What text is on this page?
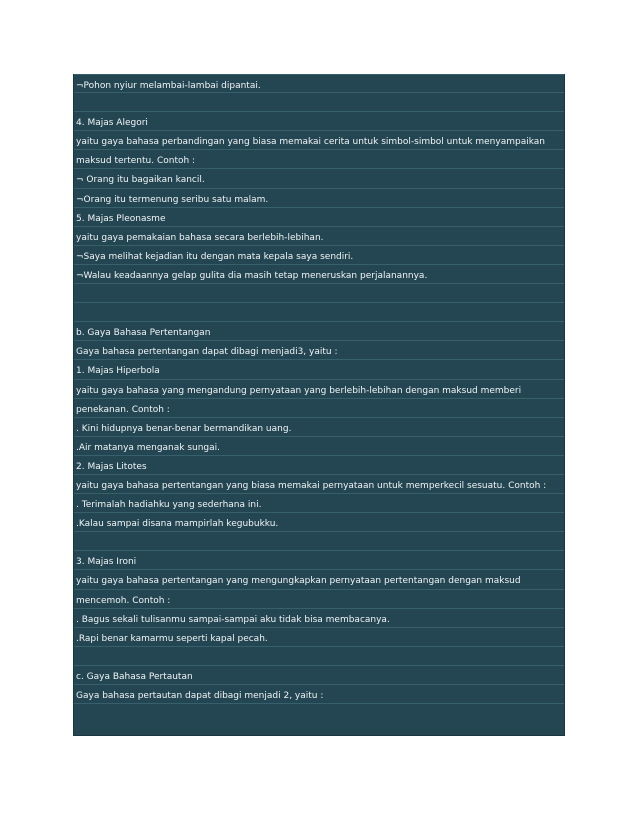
¬Pohon nyiur melambai-lambai dipantai.
4. Majas Alegori
yaitu gaya bahasa perbandingan yang biasa memakai cerita untuk simbol-simbol untuk menyampaikan
maksud tertentu. Contoh :
¬ Orang itu bagaikan kancil.
¬Orang itu termenung seribu satu malam.
5. Majas Pleonasme
yaitu gaya pemakaian bahasa secara berlebih-lebihan.
¬Saya melihat kejadian itu dengan mata kepala saya sendiri.
¬Walau keadaannya gelap gulita dia masih tetap meneruskan perjalanannya.
b. Gaya Bahasa Pertentangan
Gaya bahasa pertentangan dapat dibagi menjadi3, yaitu :
1. Majas Hiperbola
yaitu gaya bahasa yang mengandung pernyataan yang berlebih-lebihan dengan maksud memberi
penekanan. Contoh :
. Kini hidupnya benar-benar bermandikan uang.
.Air matanya menganak sungai.
2. Majas Litotes
yaitu gaya bahasa pertentangan yang biasa memakai pernyataan untuk memperkecil sesuatu. Contoh :
. Terimalah hadiahku yang sederhana ini.
.Kalau sampai disana mampirlah kegubukku.
3. Majas Ironi
yaitu gaya bahasa pertentangan yang mengungkapkan pernyataan pertentangan dengan maksud
mencemoh. Contoh :
. Bagus sekali tulisanmu sampai-sampai aku tidak bisa membacanya.
.Rapi benar kamarmu seperti kapal pecah.
c. Gaya Bahasa Pertautan
Gaya bahasa pertautan dapat dibagi menjadi 2, yaitu :
